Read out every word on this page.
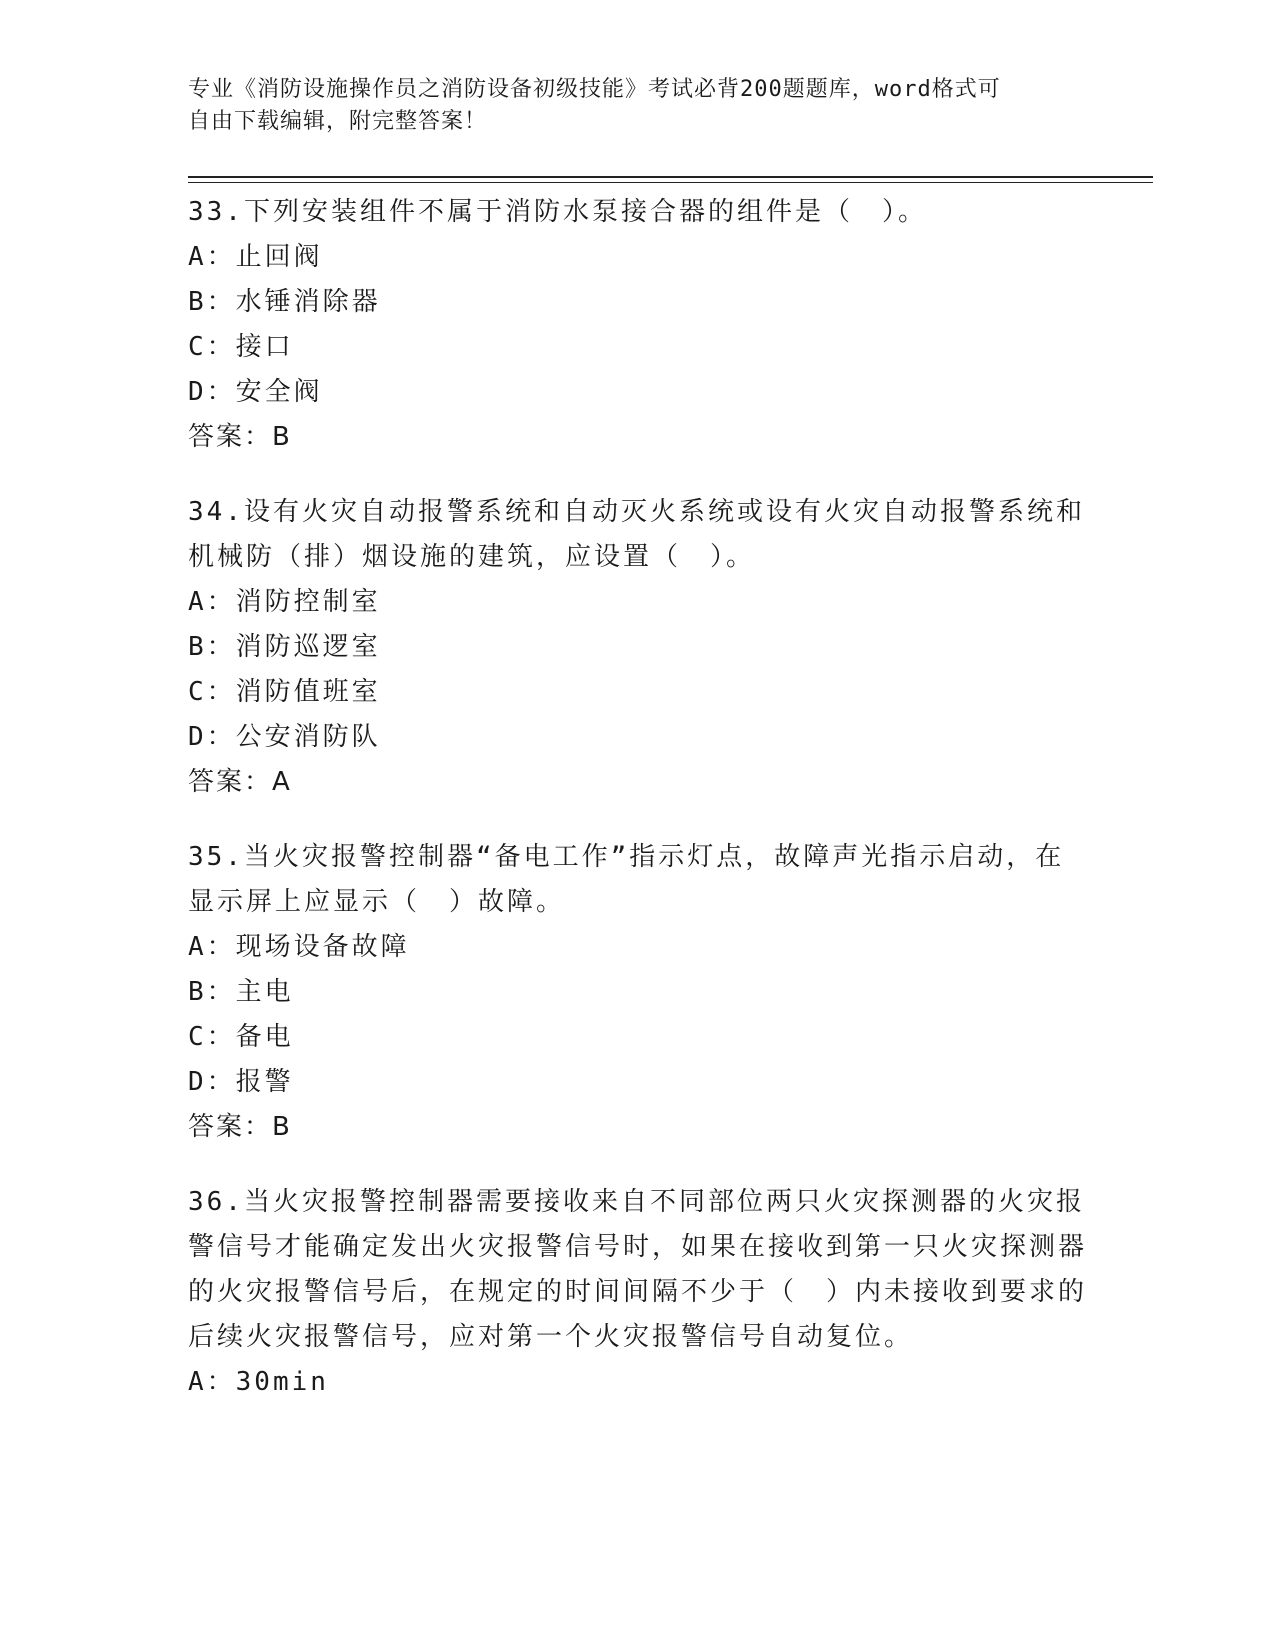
专业《消防设施操作员之消防设备初级技能》考试必背200题题库，word格式可
自由下载编辑，附完整答案！

33.下列安装组件不属于消防水泵接合器的组件是（　）。

A：止回阀

B：水锤消除器

C：接口

D：安全阀

答案：B

34.设有火灾自动报警系统和自动灭火系统或设有火灾自动报警系统和机械防（排）烟设施的建筑，应设置（　）。

A：消防控制室

B：消防巡逻室

C：消防值班室

D：公安消防队

答案：A

35.当火灾报警控制器“备电工作”指示灯点，故障声光指示启动，在显示屏上应显示（　）故障。

A：现场设备故障

B：主电

C：备电

D：报警

答案：B

36.当火灾报警控制器需要接收来自不同部位两只火灾探测器的火灾报警信号才能确定发出火灾报警信号时，如果在接收到第一只火灾探测器的火灾报警信号后，在规定的时间间隔不少于（　）内未接收到要求的后续火灾报警信号，应对第一个火灾报警信号自动复位。

A：30min
